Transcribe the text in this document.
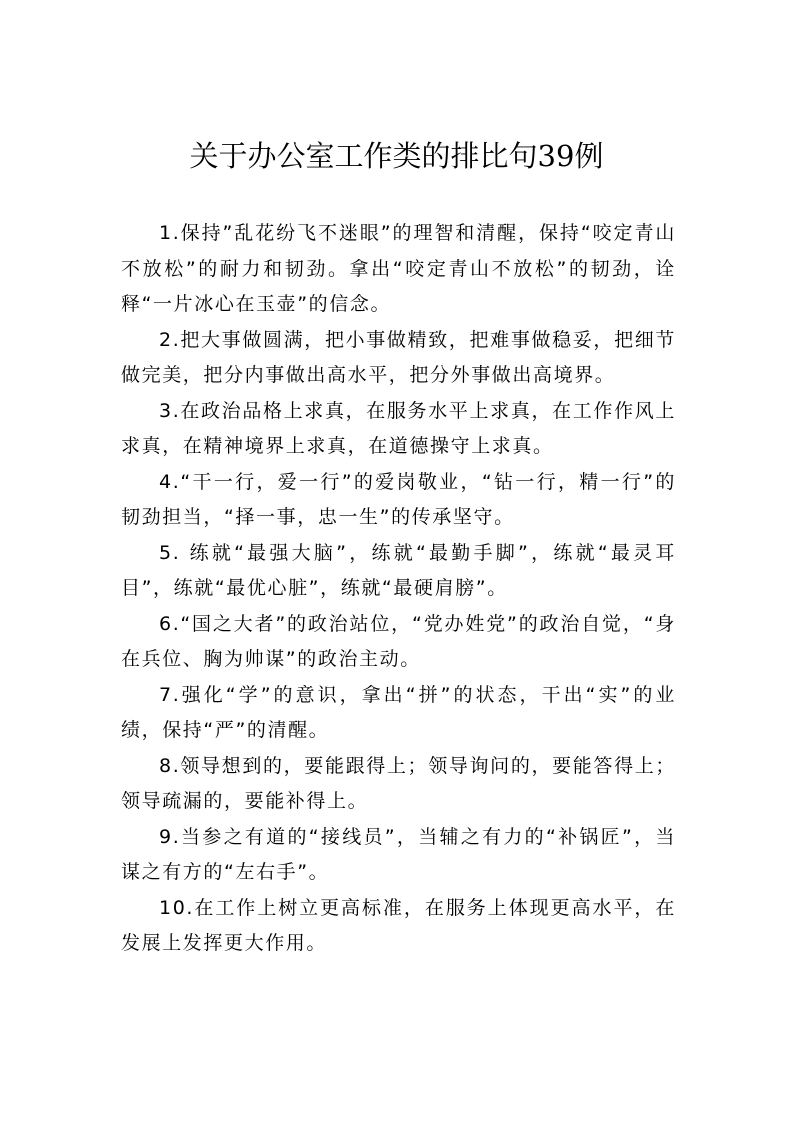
关于办公室工作类的排比句39例

1.保持”乱花纷飞不迷眼”的理智和清醒，保持“咬定青山不放松”的耐力和韧劲。拿出“咬定青山不放松”的韧劲，诠释“一片冰心在玉壶”的信念。

2.把大事做圆满，把小事做精致，把难事做稳妥，把细节做完美，把分内事做出高水平，把分外事做出高境界。

3.在政治品格上求真，在服务水平上求真，在工作作风上求真，在精神境界上求真，在道德操守上求真。

4.“干一行，爱一行”的爱岗敬业，“钻一行，精一行”的韧劲担当，“择一事，忠一生”的传承坚守。

5. 练就“最强大脑”，练就“最勤手脚”，练就“最灵耳目”，练就“最优心脏”，练就“最硬肩膀”。

6.“国之大者”的政治站位，“党办姓党”的政治自觉，“身在兵位、胸为帅谋”的政治主动。

7.强化“学”的意识，拿出“拼”的状态，干出“实”的业绩，保持“严”的清醒。

8.领导想到的，要能跟得上；领导询问的，要能答得上；领导疏漏的，要能补得上。

9.当参之有道的“接线员”，当辅之有力的“补锅匠”，当谋之有方的“左右手”。

10.在工作上树立更高标准，在服务上体现更高水平，在发展上发挥更大作用。
